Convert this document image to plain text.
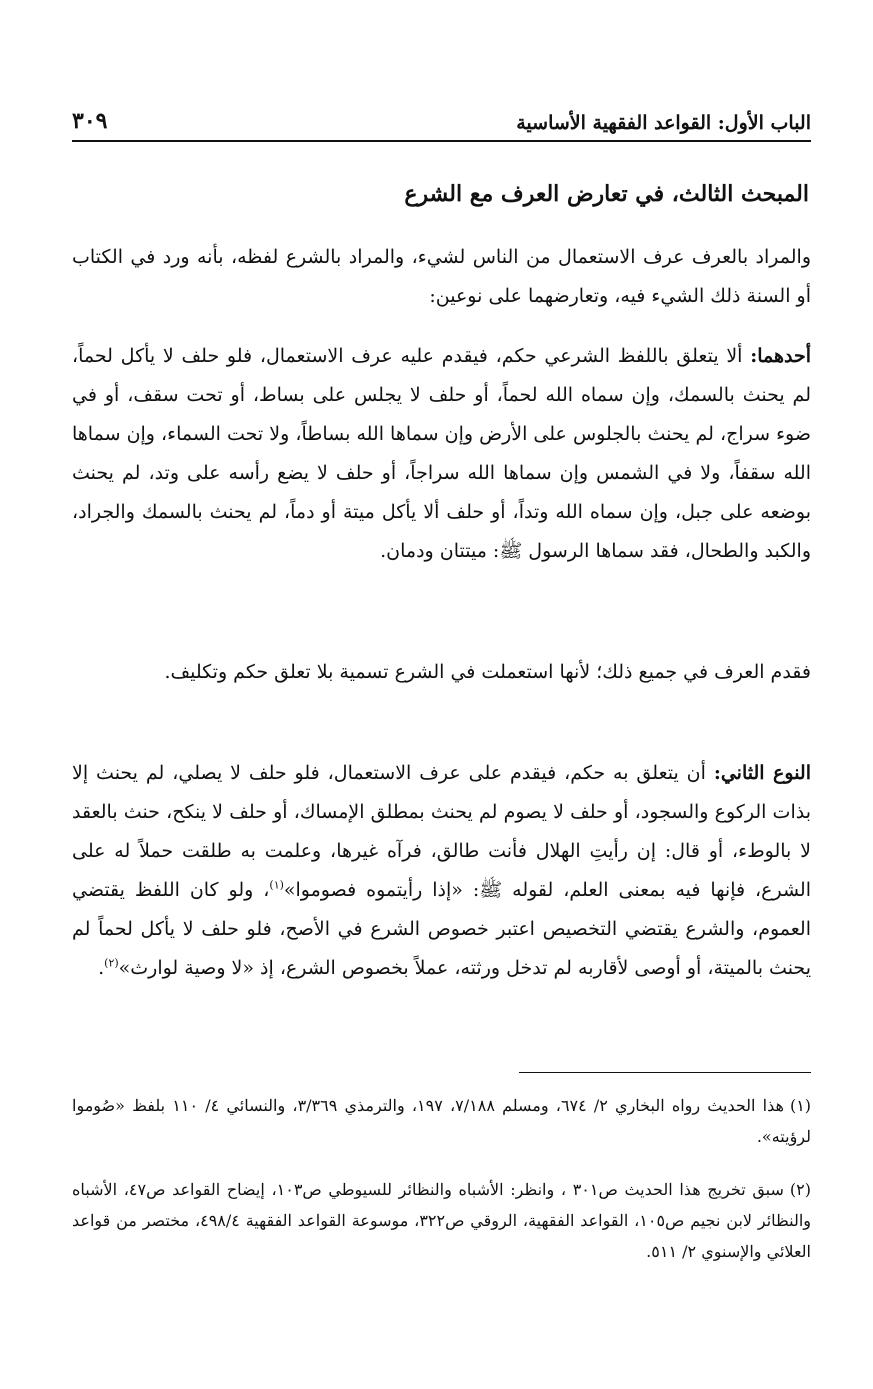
الباب الأول: القواعد الفقهية الأساسية
٣٠٩
المبحث الثالث، في تعارض العرف مع الشرع

والمراد بالعرف عرف الاستعمال من الناس لشيء، والمراد بالشرع لفظه، بأنه ورد في الكتاب أو السنة ذلك الشيء فيه، وتعارضهما على نوعين:

أحدهما: ألا يتعلق باللفظ الشرعي حكم، فيقدم عليه عرف الاستعمال، فلو حلف لا يأكل لحماً، لم يحنث بالسمك، وإن سماه الله لحماً، أو حلف لا يجلس على بساط، أو تحت سقف، أو في ضوء سراج، لم يحنث بالجلوس على الأرض وإن سماها الله بساطاً، ولا تحت السماء، وإن سماها الله سقفاً، ولا في الشمس وإن سماها الله سراجاً، أو حلف لا يضع رأسه على وتد، لم يحنث بوضعه على جبل، وإن سماه الله وتداً، أو حلف ألا يأكل ميتة أو دماً، لم يحنث بالسمك والجراد، والكبد والطحال، فقد سماها الرسول ﷺ: ميتتان ودمان.

فقدم العرف في جميع ذلك؛ لأنها استعملت في الشرع تسمية بلا تعلق حكم وتكليف.

النوع الثاني: أن يتعلق به حكم، فيقدم على عرف الاستعمال، فلو حلف لا يصلي، لم يحنث إلا بذات الركوع والسجود، أو حلف لا يصوم لم يحنث بمطلق الإمساك، أو حلف لا ينكح، حنث بالعقد لا بالوطء، أو قال: إن رأيتِ الهلال فأنت طالق، فرآه غيرها، وعلمت به طلقت حملاً له على الشرع، فإنها فيه بمعنى العلم، لقوله ﷺ: «إذا رأيتموه فصوموا»$^{(١)}$، ولو كان اللفظ يقتضي العموم، والشرع يقتضي التخصيص اعتبر خصوص الشرع في الأصح، فلو حلف لا يأكل لحماً لم يحنث بالميتة، أو أوصى لأقاربه لم تدخل ورثته، عملاً بخصوص الشرع، إذ «لا وصية لوارث»$^{(٢)}$.

(١)هذا الحديث رواه البخاري ٢/ ٦٧٤، ومسلم ٧/١٨٨، ١٩٧، والترمذي ٣/٣٦٩، والنسائي ٤/ ١١٠ بلفظ «صُوموا لرؤيته».

(٢)سبق تخريج هذا الحديث ص٣٠١ ، وانظر: الأشباه والنظائر للسيوطي ص١٠٣، إيضاح القواعد ص٤٧، الأشباه والنظائر لابن نجيم ص١٠٥، القواعد الفقهية، الروقي ص٣٢٢، موسوعة القواعد الفقهية ٤٩٨/٤، مختصر من قواعد العلائي والإسنوي ٢/ ٥١١.
